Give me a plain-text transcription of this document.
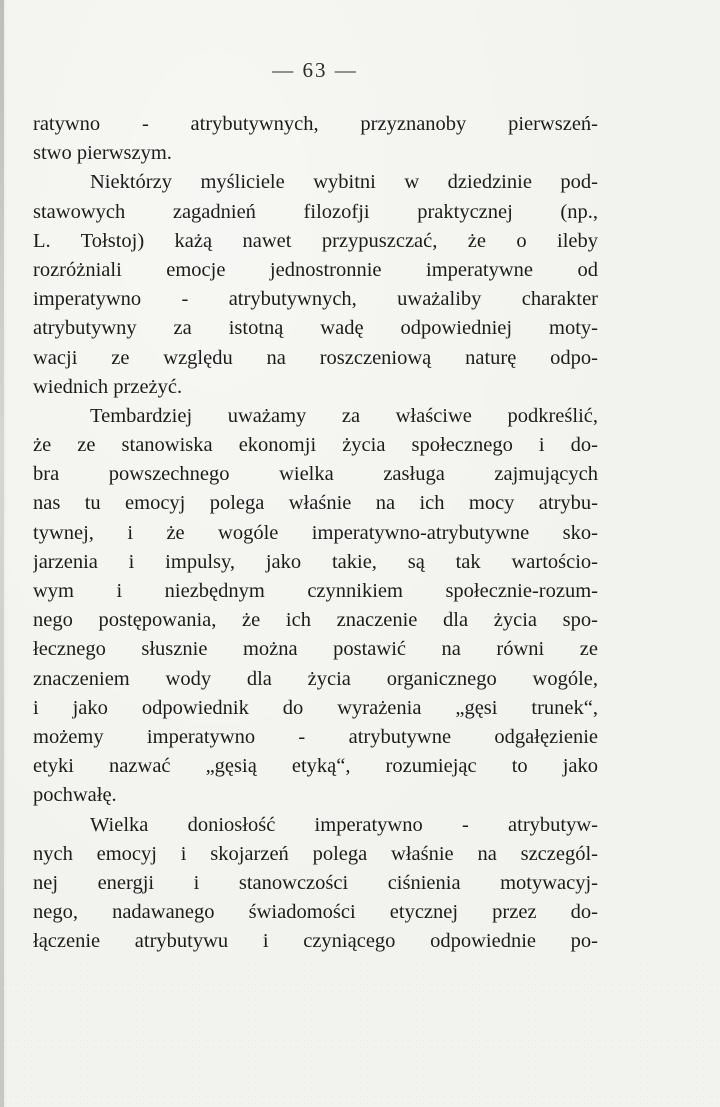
— 63 —
ratywno - atrybutywnych, przyznanoby pierwszeń-
stwo pierwszym.
Niektórzy myśliciele wybitni w dziedzinie pod-
stawowych zagadnień filozofji praktycznej (np.,
L. Tołstoj) każą nawet przypuszczać, że o ileby
rozróżniali emocje jednostronnie imperatywne od
imperatywno - atrybutywnych, uważaliby charakter
atrybutywny za istotną wadę odpowiedniej moty-
wacji ze względu na roszczeniową naturę odpo-
wiednich przeżyć.
Tembardziej uważamy za właściwe podkreślić,
że ze stanowiska ekonomji życia społecznego i do-
bra powszechnego wielka zasługa zajmujących
nas tu emocyj polega właśnie na ich mocy atrybu-
tywnej, i że wogóle imperatywno-atrybutywne sko-
jarzenia i impulsy, jako takie, są tak wartościo-
wym i niezbędnym czynnikiem społecznie-rozum-
nego postępowania, że ich znaczenie dla życia spo-
łecznego słusznie można postawić na równi ze
znaczeniem wody dla życia organicznego wogóle,
i jako odpowiednik do wyrażenia „gęsi trunek“,
możemy imperatywno - atrybutywne odgałęzienie
etyki nazwać „gęsią etyką“, rozumiejąc to jako
pochwałę.
Wielka doniosłość imperatywno - atrybutyw-
nych emocyj i skojarzeń polega właśnie na szczegól-
nej energji i stanowczości ciśnienia motywacyj-
nego, nadawanego świadomości etycznej przez do-
łączenie atrybutywu i czyniącego odpowiednie po-
